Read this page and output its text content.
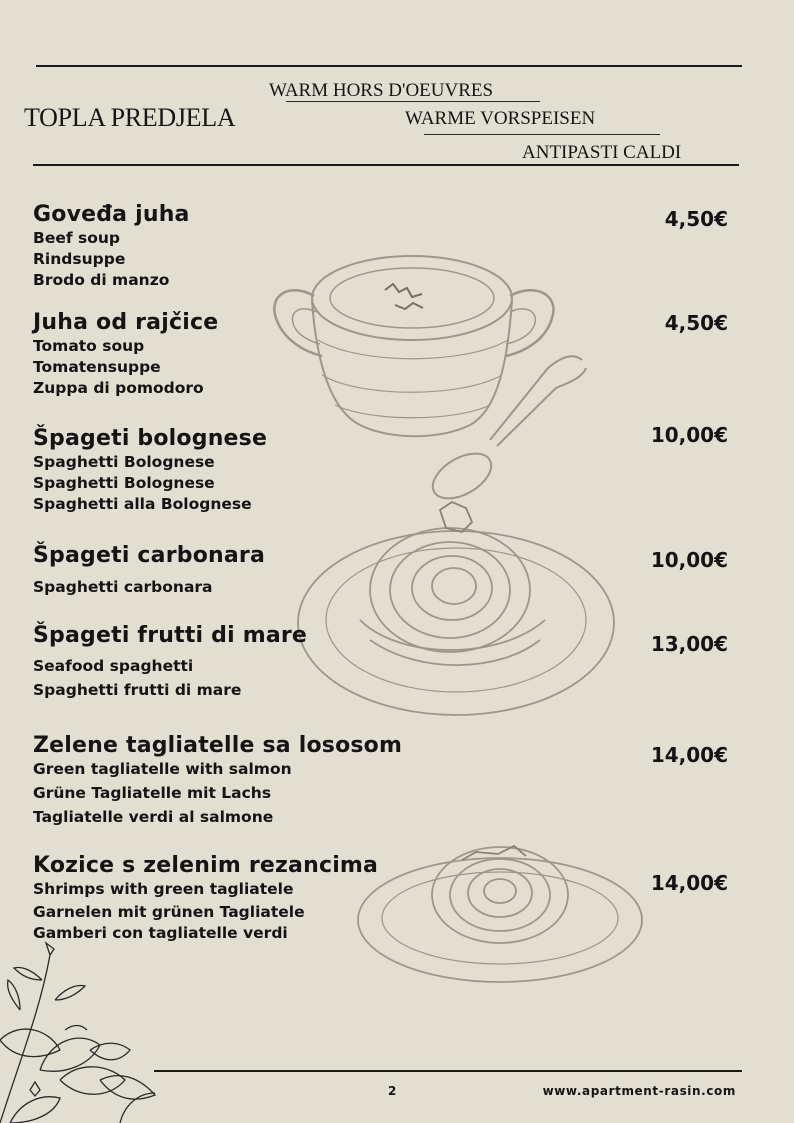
TOPLA PREDJELA
WARM HORS D'OEUVRES
WARME VORSPEISEN
ANTIPASTI CALDI
Goveđa juha
Beef soup
Rindsuppe
Brodo di manzo
4,50€
Juha od rajčice
Tomato soup
Tomatensuppe
Zuppa di pomodoro
4,50€
Špageti bolognese
Spaghetti Bolognese
Spaghetti Bolognese
Spaghetti alla Bolognese
10,00€
Špageti carbonara
Spaghetti carbonara
10,00€
Špageti frutti di mare
Seafood spaghetti
Spaghetti frutti di mare
13,00€
Zelene tagliatelle sa lososom
Green tagliatelle with salmon
Grüne Tagliatelle mit Lachs
Tagliatelle verdi al salmone
14,00€
Kozice s zelenim rezancima
Shrimps with green tagliatele
Garnelen mit grünen Tagliatele
Gamberi con tagliatelle verdi
14,00€
2	www.apartment-rasin.com
